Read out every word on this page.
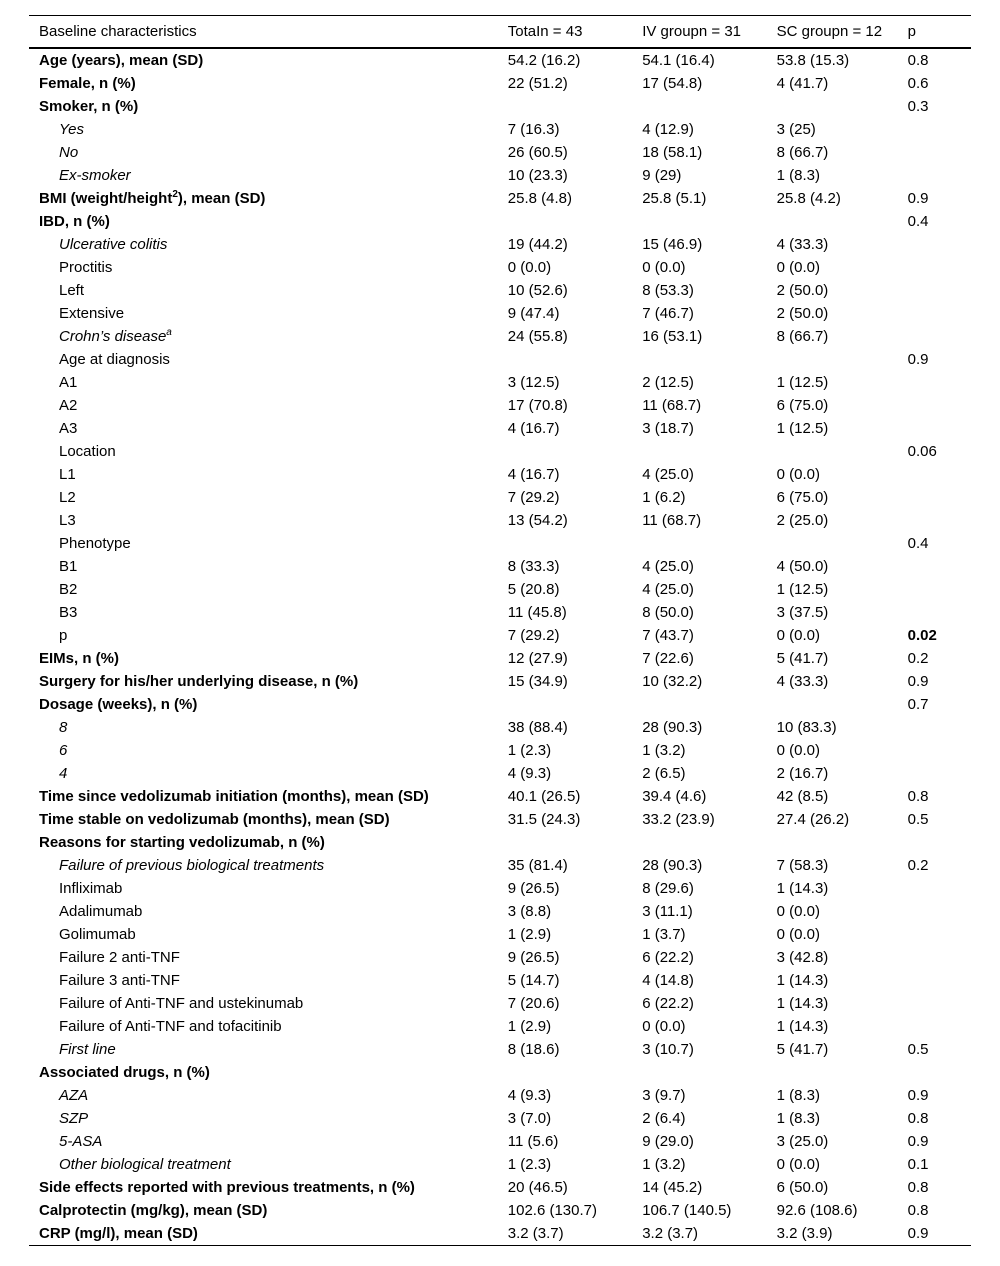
Baseline characteristics	TotaIn = 43	IV groupn = 31	SC groupn = 12	p
Age (years), mean (SD)	54.2 (16.2)	54.1 (16.4)	53.8 (15.3)	0.8
Female, n (%)	22 (51.2)	17 (54.8)	4 (41.7)	0.6
Smoker, n (%)				0.3
Yes	7 (16.3)	4 (12.9)	3 (25)	
No	26 (60.5)	18 (58.1)	8 (66.7)	
Ex-smoker	10 (23.3)	9 (29)	1 (8.3)	
BMI (weight/height$^2$), mean (SD)	25.8 (4.8)	25.8 (5.1)	25.8 (4.2)	0.9
IBD, n (%)				0.4
Ulcerative colitis	19 (44.2)	15 (46.9)	4 (33.3)	
Proctitis	0 (0.0)	0 (0.0)	0 (0.0)	
Left	10 (52.6)	8 (53.3)	2 (50.0)	
Extensive	9 (47.4)	7 (46.7)	2 (50.0)	
Crohn’s disease$^a$	24 (55.8)	16 (53.1)	8 (66.7)	
Age at diagnosis				0.9
A1	3 (12.5)	2 (12.5)	1 (12.5)	
A2	17 (70.8)	11 (68.7)	6 (75.0)	
A3	4 (16.7)	3 (18.7)	1 (12.5)	
Location				0.06
L1	4 (16.7)	4 (25.0)	0 (0.0)	
L2	7 (29.2)	1 (6.2)	6 (75.0)	
L3	13 (54.2)	11 (68.7)	2 (25.0)	
Phenotype				0.4
B1	8 (33.3)	4 (25.0)	4 (50.0)	
B2	5 (20.8)	4 (25.0)	1 (12.5)	
B3	11 (45.8)	8 (50.0)	3 (37.5)	
p	7 (29.2)	7 (43.7)	0 (0.0)	0.02
EIMs, n (%)	12 (27.9)	7 (22.6)	5 (41.7)	0.2
Surgery for his/her underlying disease, n (%)	15 (34.9)	10 (32.2)	4 (33.3)	0.9
Dosage (weeks), n (%)				0.7
8	38 (88.4)	28 (90.3)	10 (83.3)	
6	1 (2.3)	1 (3.2)	0 (0.0)	
4	4 (9.3)	2 (6.5)	2 (16.7)	
Time since vedolizumab initiation (months), mean (SD)	40.1 (26.5)	39.4 (4.6)	42 (8.5)	0.8
Time stable on vedolizumab (months), mean (SD)	31.5 (24.3)	33.2 (23.9)	27.4 (26.2)	0.5
Reasons for starting vedolizumab, n (%)				
Failure of previous biological treatments	35 (81.4)	28 (90.3)	7 (58.3)	0.2
Infliximab	9 (26.5)	8 (29.6)	1 (14.3)	
Adalimumab	3 (8.8)	3 (11.1)	0 (0.0)	
Golimumab	1 (2.9)	1 (3.7)	0 (0.0)	
Failure 2 anti-TNF	9 (26.5)	6 (22.2)	3 (42.8)	
Failure 3 anti-TNF	5 (14.7)	4 (14.8)	1 (14.3)	
Failure of Anti-TNF and ustekinumab	7 (20.6)	6 (22.2)	1 (14.3)	
Failure of Anti-TNF and tofacitinib	1 (2.9)	0 (0.0)	1 (14.3)	
First line	8 (18.6)	3 (10.7)	5 (41.7)	0.5
Associated drugs, n (%)				
AZA	4 (9.3)	3 (9.7)	1 (8.3)	0.9
SZP	3 (7.0)	2 (6.4)	1 (8.3)	0.8
5-ASA	11 (5.6)	9 (29.0)	3 (25.0)	0.9
Other biological treatment	1 (2.3)	1 (3.2)	0 (0.0)	0.1
Side effects reported with previous treatments, n (%)	20 (46.5)	14 (45.2)	6 (50.0)	0.8
Calprotectin (mg/kg), mean (SD)	102.6 (130.7)	106.7 (140.5)	92.6 (108.6)	0.8
CRP (mg/l), mean (SD)	3.2 (3.7)	3.2 (3.7)	3.2 (3.9)	0.9
